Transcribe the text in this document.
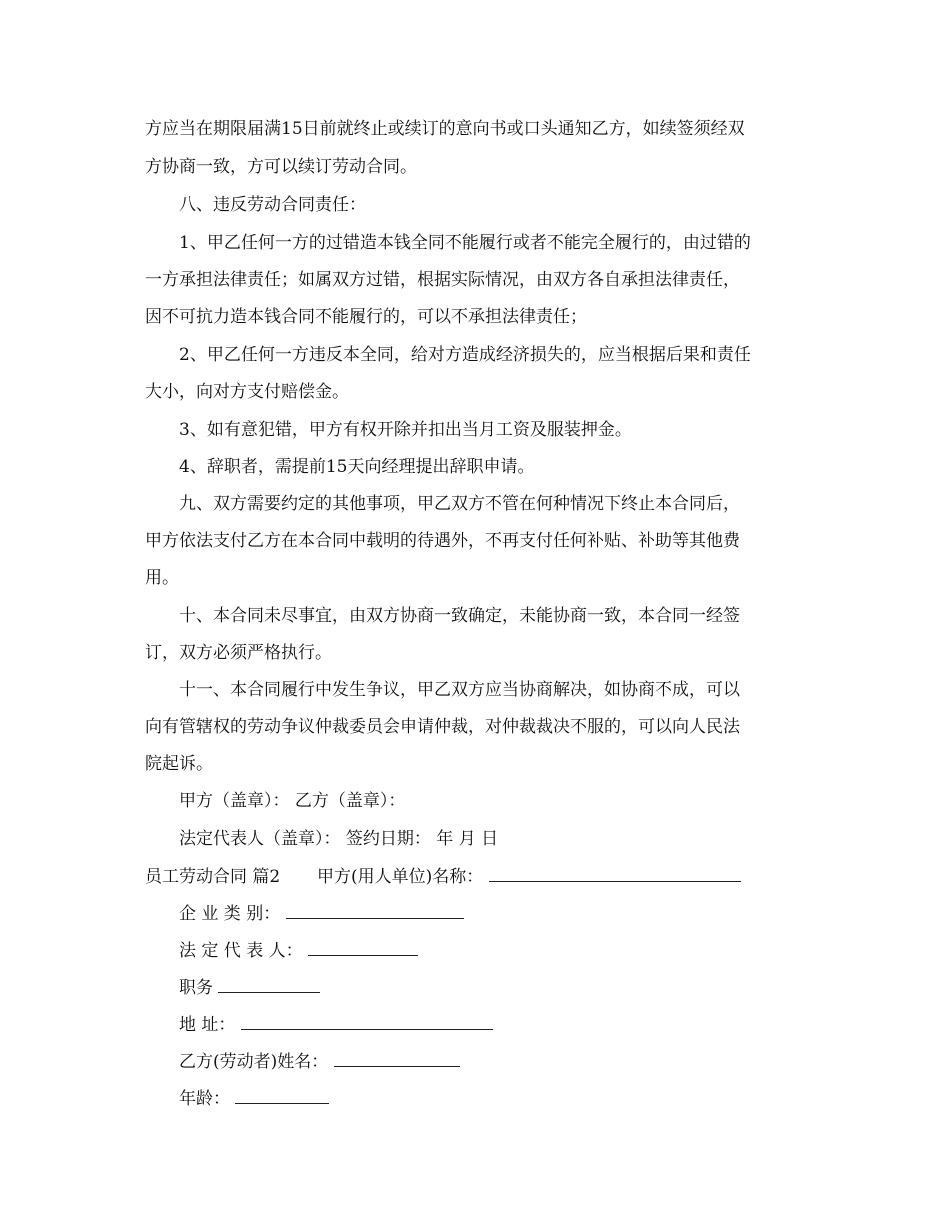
方应当在期限届满15日前就终止或续订的意向书或口头通知乙方，如续签须经双
方协商一致，方可以续订劳动合同。
八、违反劳动合同责任：
1、甲乙任何一方的过错造本钱全同不能履行或者不能完全履行的，由过错的
一方承担法律责任；如属双方过错，根据实际情况，由双方各自承担法律责任，
因不可抗力造本钱合同不能履行的，可以不承担法律责任；
2、甲乙任何一方违反本全同，给对方造成经济损失的，应当根据后果和责任
大小，向对方支付赔偿金。
3、如有意犯错，甲方有权开除并扣出当月工资及服装押金。
4、辞职者，需提前15天向经理提出辞职申请。
九、双方需要约定的其他事项，甲乙双方不管在何种情况下终止本合同后，
甲方依法支付乙方在本合同中载明的待遇外，不再支付任何补贴、补助等其他费
用。
十、本合同未尽事宜，由双方协商一致确定，未能协商一致，本合同一经签
订，双方必须严格执行。
十一、本合同履行中发生争议，甲乙双方应当协商解决，如协商不成，可以
向有管辖权的劳动争议仲裁委员会申请仲裁，对仲裁裁决不服的，可以向人民法
院起诉。
甲方（盖章）： 乙方（盖章）：
法定代表人（盖章）： 签约日期： 年 月 日
员工劳动合同 篇2 甲方(用人单位)名称：
企 业 类 别：
法 定 代 表 人：
职务
地 址：
乙方(劳动者)姓名：
年龄：
